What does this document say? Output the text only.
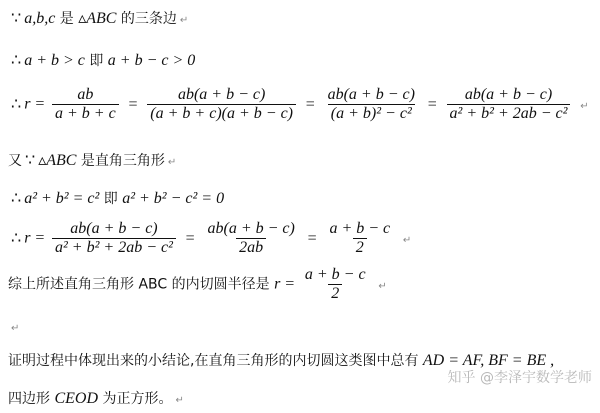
∵ a,b,c 是 ▵ABC 的三条边 ↵
∴ a + b > c 即 a + b − c > 0
∴ $r = \frac{ab}{a + b + c} = \frac{ab(a + b - c)}{(a + b + c)(a + b - c)} = \frac{ab(a + b - c)}{\text{(a + b)² − c²}} = \frac{ab(a + b - c)}{\text{a² + b² + 2ab − c²}}$ ↵
又 ∵ ▵ABC 是直角三角形 ↵
∴ a² + b² = c² 即 a² + b² − c² = 0
∴ $r = \frac{ab(a + b - c)}{\text{a² + b² + 2ab − c²}} = \frac{ab(a + b - c)}{2ab} = \frac{a + b - c}{2}$ ↵
综上所述直角三角形 ABC 的内切圆半径是 $r = \frac{a + b - c}{2}$ ↵
↵
证明过程中体现出来的小结论,在直角三角形的内切圆这类图中总有 AD = AF, BF = BE ,
四边形 CEOD 为正方形。 ↵
知乎 @李泽宇数学老师
